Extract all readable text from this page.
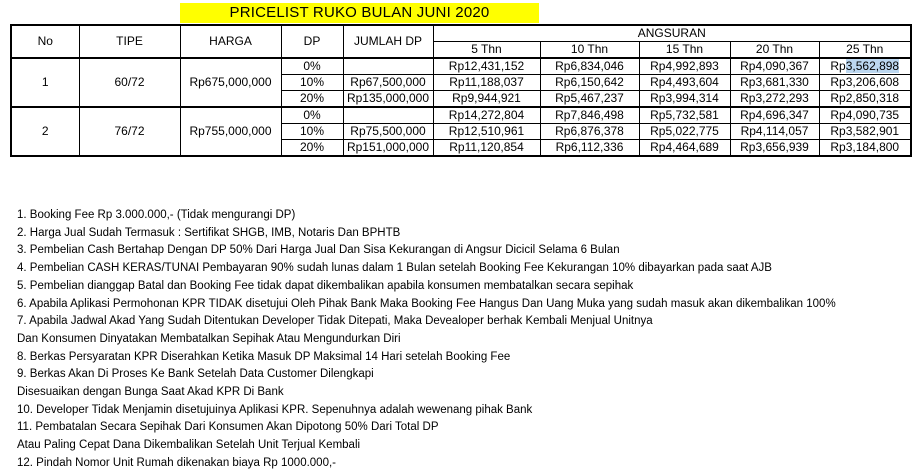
PRICELIST RUKO BULAN JUNI 2020
No	TIPE	HARGA	DP	JUMLAH DP	ANGSURAN				
					5 Thn	10 Thn	15 Thn	20 Thn	25 Thn
1	60/72	Rp675,000,000	0%		Rp12,431,152	Rp6,834,046	Rp4,992,893	Rp4,090,367	Rp3,562,898
			10%	Rp67,500,000	Rp11,188,037	Rp6,150,642	Rp4,493,604	Rp3,681,330	Rp3,206,608
			20%	Rp135,000,000	Rp9,944,921	Rp5,467,237	Rp3,994,314	Rp3,272,293	Rp2,850,318
2	76/72	Rp755,000,000	0%		Rp14,272,804	Rp7,846,498	Rp5,732,581	Rp4,696,347	Rp4,090,735
			10%	Rp75,500,000	Rp12,510,961	Rp6,876,378	Rp5,022,775	Rp4,114,057	Rp3,582,901
			20%	Rp151,000,000	Rp11,120,854	Rp6,112,336	Rp4,464,689	Rp3,656,939	Rp3,184,800
1. Booking Fee Rp 3.000.000,- (Tidak mengurangi DP)
2. Harga Jual Sudah Termasuk : Sertifikat SHGB, IMB, Notaris Dan BPHTB
3. Pembelian Cash Bertahap Dengan DP 50% Dari Harga Jual Dan Sisa Kekurangan di Angsur Dicicil Selama 6 Bulan
4. Pembelian CASH KERAS/TUNAI Pembayaran 90% sudah lunas dalam 1 Bulan setelah Booking Fee Kekurangan 10% dibayarkan pada saat AJB
5. Pembelian dianggap Batal dan Booking Fee tidak dapat dikembalikan apabila konsumen membatalkan secara sepihak
6. Apabila Aplikasi Permohonan KPR TIDAK disetujui Oleh Pihak Bank Maka Booking Fee Hangus Dan Uang Muka yang sudah masuk akan dikembalikan 100%
7. Apabila Jadwal Akad Yang Sudah Ditentukan Developer Tidak Ditepati, Maka Devealoper berhak Kembali Menjual Unitnya
Dan Konsumen Dinyatakan Membatalkan Sepihak Atau Mengundurkan Diri
8. Berkas Persyaratan KPR Diserahkan Ketika Masuk DP Maksimal 14 Hari setelah Booking Fee
9. Berkas Akan Di Proses Ke Bank Setelah Data Customer Dilengkapi
Disesuaikan dengan Bunga Saat Akad KPR Di Bank
10. Developer Tidak Menjamin disetujuinya Aplikasi KPR. Sepenuhnya adalah wewenang pihak Bank
11. Pembatalan Secara Sepihak Dari Konsumen Akan Dipotong 50% Dari Total DP
Atau Paling Cepat Dana Dikembalikan Setelah Unit Terjual Kembali
12. Pindah Nomor Unit Rumah dikenakan biaya Rp 1000.000,-
